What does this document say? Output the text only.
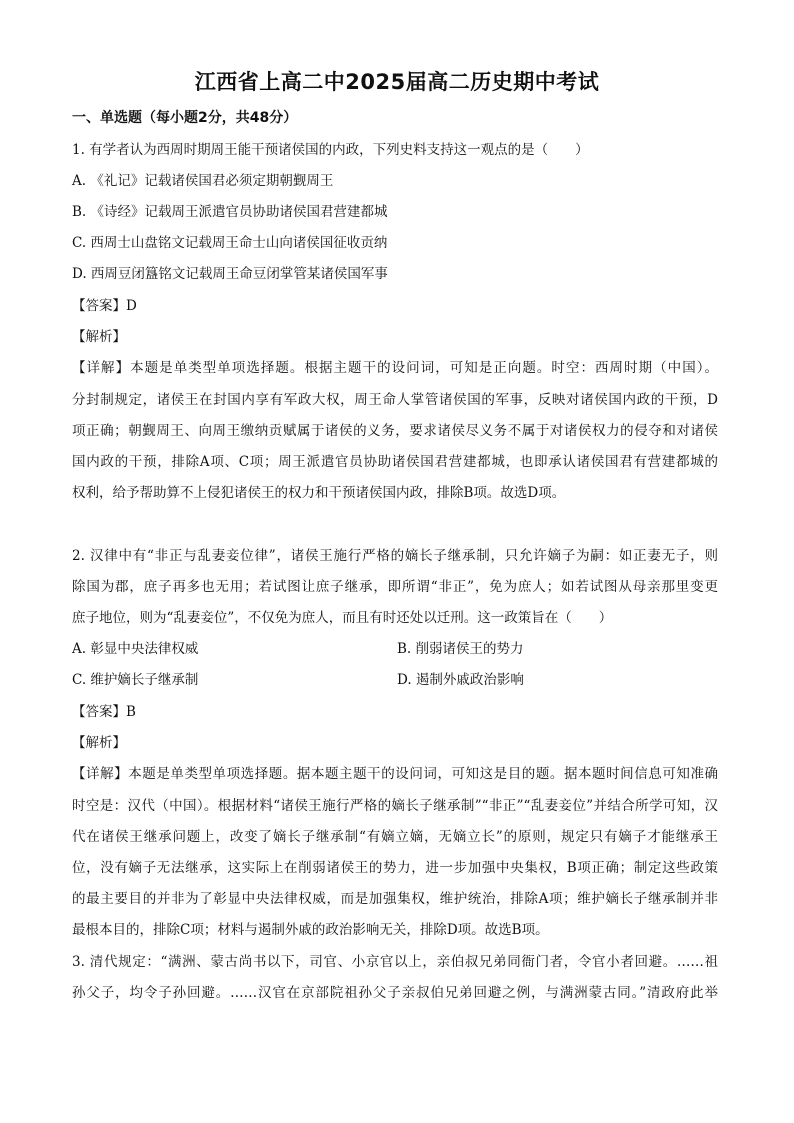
江西省上高二中2025届高二历史期中考试
一、单选题（每小题2分，共48分）
1. 有学者认为西周时期周王能干预诸侯国的内政，下列史料支持这一观点的是（　　）
A. 《礼记》记载诸侯国君必须定期朝觐周王
B. 《诗经》记载周王派遣官员协助诸侯国君营建都城
C. 西周士山盘铭文记载周王命士山向诸侯国征收贡纳
D. 西周豆闭簋铭文记载周王命豆闭掌管某诸侯国军事
【答案】D
【解析】
【详解】本题是单类型单项选择题。根据主题干的设问词，可知是正向题。时空：西周时期（中国）。
分封制规定，诸侯王在封国内享有军政大权，周王命人掌管诸侯国的军事，反映对诸侯国内政的干预，D
项正确；朝觐周王、向周王缴纳贡赋属于诸侯的义务，要求诸侯尽义务不属于对诸侯权力的侵夺和对诸侯
国内政的干预，排除A项、C项；周王派遣官员协助诸侯国君营建都城，也即承认诸侯国君有营建都城的
权利，给予帮助算不上侵犯诸侯王的权力和干预诸侯国内政，排除B项。故选D项。
2. 汉律中有“非正与乱妻妾位律”，诸侯王施行严格的嫡长子继承制，只允许嫡子为嗣：如正妻无子，则
除国为郡，庶子再多也无用；若试图让庶子继承，即所谓“非正”，免为庶人；如若试图从母亲那里变更
庶子地位，则为“乱妻妾位”，不仅免为庶人，而且有时还处以迁刑。这一政策旨在（　　）
A. 彰显中央法律权威	B. 削弱诸侯王的势力
C. 维护嫡长子继承制	D. 遏制外戚政治影响
【答案】B
【解析】
【详解】本题是单类型单项选择题。据本题主题干的设问词，可知这是目的题。据本题时间信息可知准确
时空是：汉代（中国）。根据材料“诸侯王施行严格的嫡长子继承制”“非正”“乱妻妾位”并结合所学可知，汉
代在诸侯王继承问题上，改变了嫡长子继承制“有嫡立嫡，无嫡立长”的原则，规定只有嫡子才能继承王
位，没有嫡子无法继承，这实际上在削弱诸侯王的势力，进一步加强中央集权，B项正确；制定这些政策
的最主要目的并非为了彰显中央法律权威，而是加强集权，维护统治，排除A项；维护嫡长子继承制并非
最根本目的，排除C项；材料与遏制外戚的政治影响无关，排除D项。故选B项。
3. 清代规定：“满洲、蒙古尚书以下，司官、小京官以上，亲伯叔兄弟同衙门者，令官小者回避。……祖
孙父子，均令子孙回避。……汉官在京部院祖孙父子亲叔伯兄弟回避之例，与满洲蒙古同。”清政府此举
